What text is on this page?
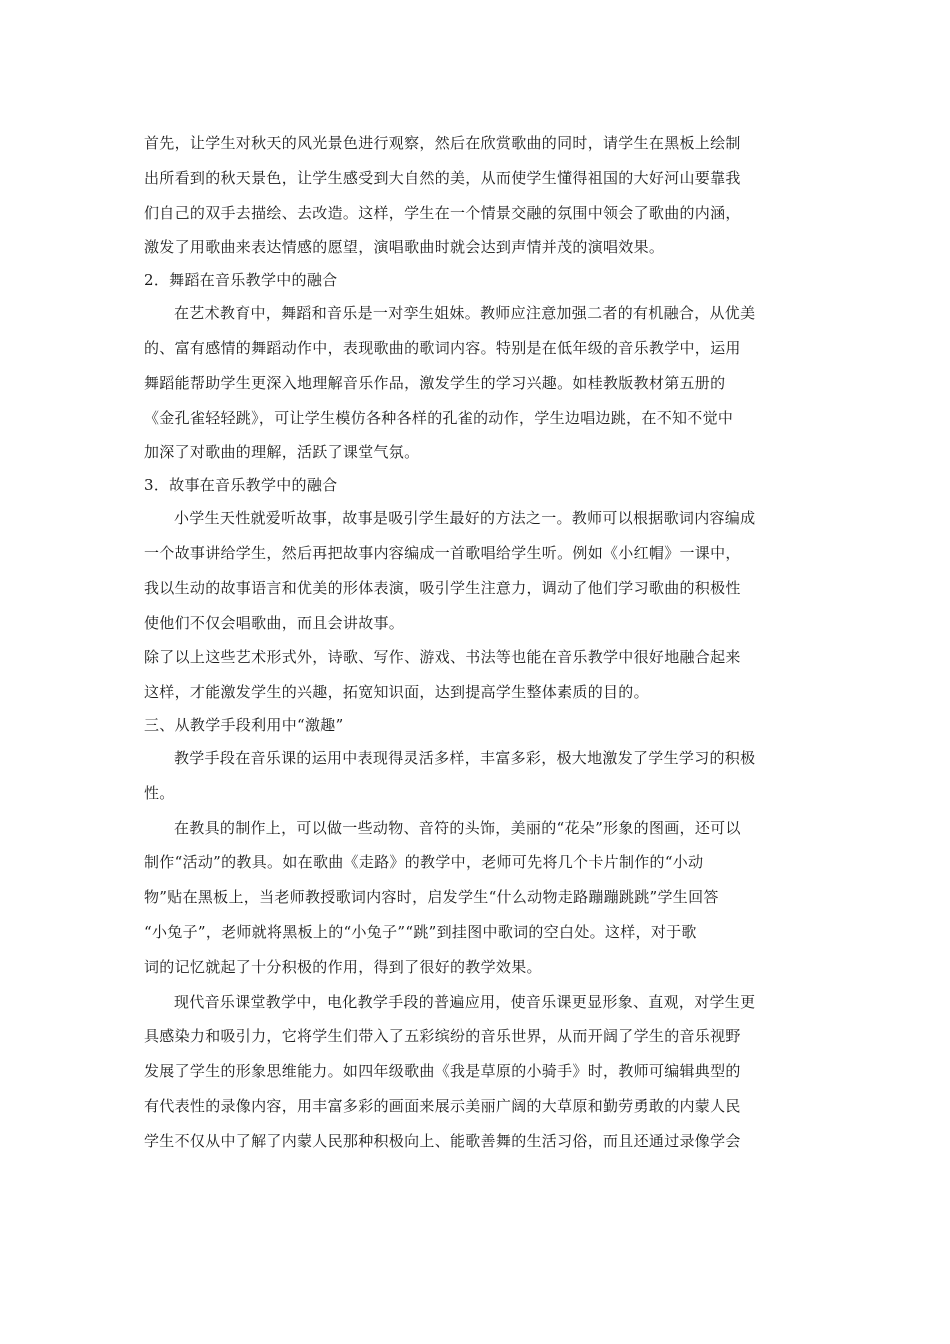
首先，让学生对秋天的风光景色进行观察，然后在欣赏歌曲的同时，请学生在黑板上绘制
出所看到的秋天景色，让学生感受到大自然的美，从而使学生懂得祖国的大好河山要靠我
们自己的双手去描绘、去改造。这样，学生在一个情景交融的氛围中领会了歌曲的内涵，
激发了用歌曲来表达情感的愿望，演唱歌曲时就会达到声情并茂的演唱效果。
2．舞蹈在音乐教学中的融合
在艺术教育中，舞蹈和音乐是一对孪生姐妹。教师应注意加强二者的有机融合，从优美
的、富有感情的舞蹈动作中，表现歌曲的歌词内容。特别是在低年级的音乐教学中，运用
舞蹈能帮助学生更深入地理解音乐作品，激发学生的学习兴趣。如桂教版教材第五册的
《金孔雀轻轻跳》，可让学生模仿各种各样的孔雀的动作，学生边唱边跳，在不知不觉中
加深了对歌曲的理解，活跃了课堂气氛。
3．故事在音乐教学中的融合
小学生天性就爱听故事，故事是吸引学生最好的方法之一。教师可以根据歌词内容编成
一个故事讲给学生，然后再把故事内容编成一首歌唱给学生听。例如《小红帽》一课中，
我以生动的故事语言和优美的形体表演，吸引学生注意力，调动了他们学习歌曲的积极性
使他们不仅会唱歌曲，而且会讲故事。
除了以上这些艺术形式外，诗歌、写作、游戏、书法等也能在音乐教学中很好地融合起来
这样，才能激发学生的兴趣，拓宽知识面，达到提高学生整体素质的目的。
三、从教学手段利用中“激趣”
教学手段在音乐课的运用中表现得灵活多样，丰富多彩，极大地激发了学生学习的积极
性。
在教具的制作上，可以做一些动物、音符的头饰，美丽的“花朵”形象的图画，还可以
制作“活动”的教具。如在歌曲《走路》的教学中，老师可先将几个卡片制作的“小动
物”贴在黑板上，当老师教授歌词内容时，启发学生“什么动物走路蹦蹦跳跳”学生回答
“小兔子”，老师就将黑板上的“小兔子”“跳”到挂图中歌词的空白处。这样，对于歌
词的记忆就起了十分积极的作用，得到了很好的教学效果。
现代音乐课堂教学中，电化教学手段的普遍应用，使音乐课更显形象、直观，对学生更
具感染力和吸引力，它将学生们带入了五彩缤纷的音乐世界，从而开阔了学生的音乐视野
发展了学生的形象思维能力。如四年级歌曲《我是草原的小骑手》时，教师可编辑典型的
有代表性的录像内容，用丰富多彩的画面来展示美丽广阔的大草原和勤劳勇敢的内蒙人民
学生不仅从中了解了内蒙人民那种积极向上、能歌善舞的生活习俗，而且还通过录像学会
